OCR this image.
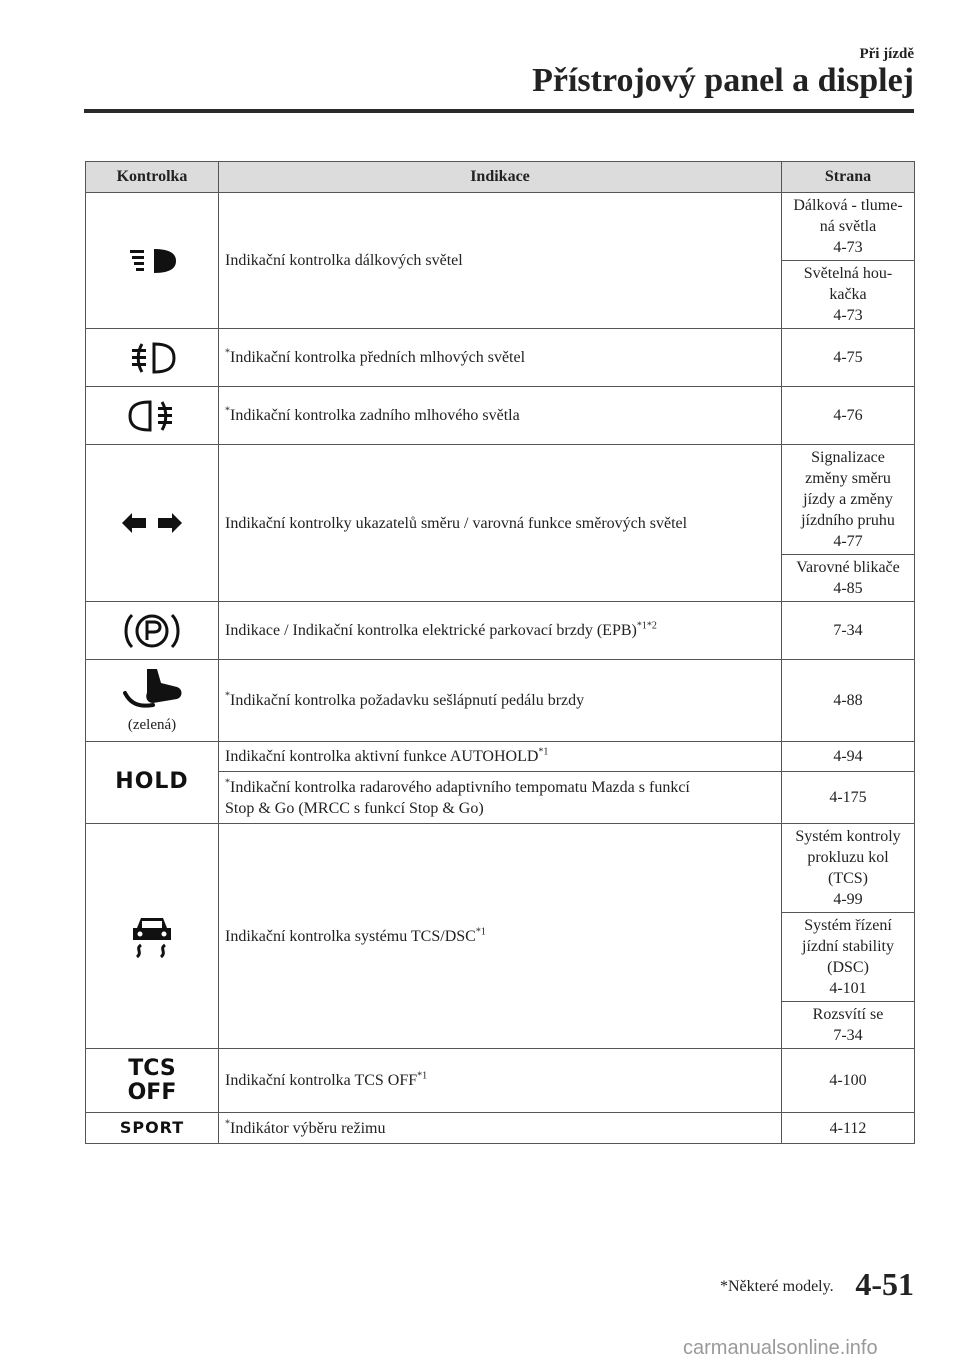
Při jízdě
Přístrojový panel a displej
Kontrolka	Indikace	Strana

	Indikační kontrolka dálkových světel	Dálková - tlume-
ná světla
4-73

		Světelná hou-
kačka
4-73

	*Indikační kontrolka předních mlhových světel	4-75

	*Indikační kontrolka zadního mlhového světla	4-76

	Indikační kontrolky ukazatelů směru / varovná funkce směrových světel	Signalizace
změny směru
jízdy a změny
jízdního pruhu
4-77

		Varovné blikače
4-85

	Indikace / Indikační kontrolka elektrické parkovací brzdy (EPB)$^{*1*2}$	7-34

(zelená)	*Indikační kontrolka požadavku sešlápnutí pedálu brzdy	4-88
HOLD	Indikační kontrolka aktivní funkce AUTOHOLD$^{*1}$	4-94

	*Indikační kontrolka radarového adaptivního tempomatu Mazda s funkcí
Stop & Go (MRCC s funkcí Stop & Go)	4-175

	Indikační kontrolka systému TCS/DSC$^{*1}$	Systém kontroly
prokluzu kol
(TCS)
4-99

		Systém řízení
jízdní stability
(DSC)
4-101

		Rozsvítí se
7-34

TCS
OFF	Indikační kontrolka TCS OFF$^{*1}$	4-100
SPORT	*Indikátor výběru režimu	4-112
*Některé modely. 4-51
carmanualsonline.info
